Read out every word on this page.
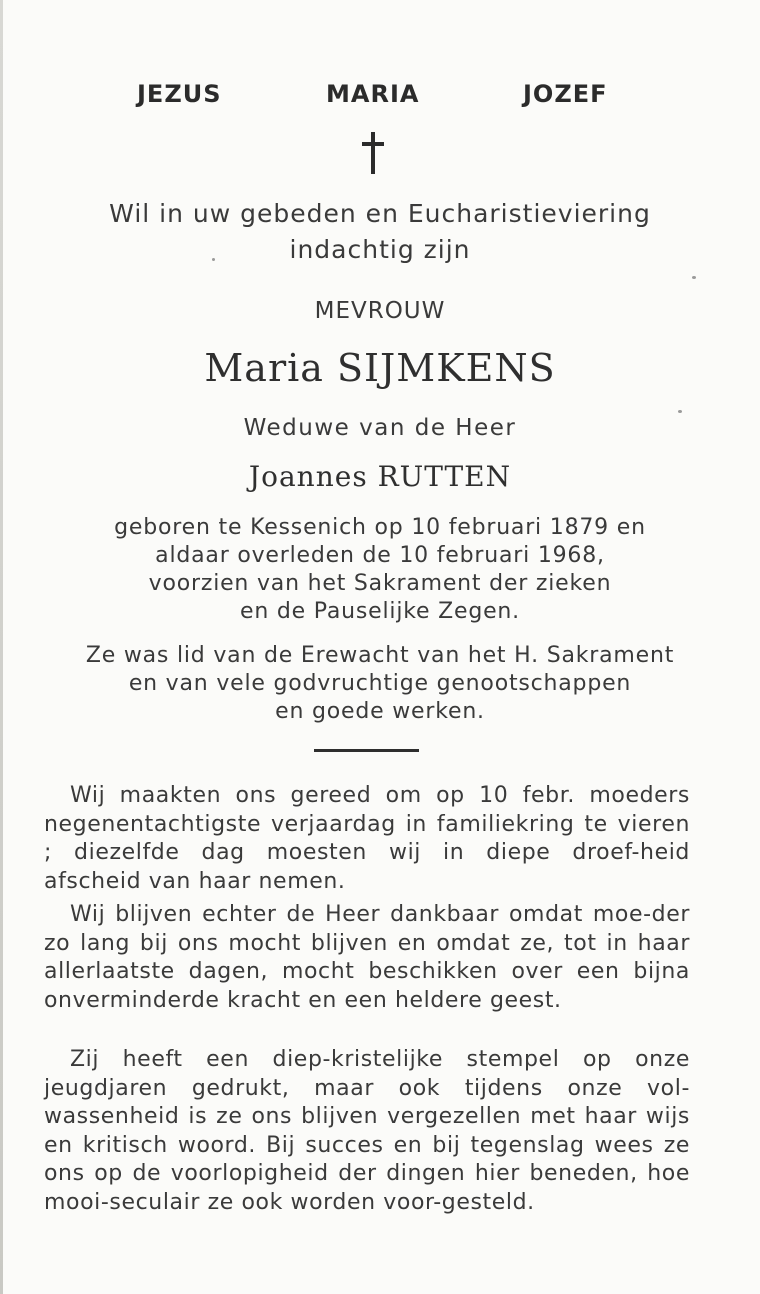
JEZUS	MARIA	JOZEF
Wil in uw gebeden en Eucharistieviering
indachtig zijn
MEVROUW
Maria SIJMKENS
Weduwe van de Heer
Joannes RUTTEN
geboren te Kessenich op 10 februari 1879 en
aldaar overleden de 10 februari 1968,
voorzien van het Sakrament der zieken
en de Pauselijke Zegen.
Ze was lid van de Erewacht van het H. Sakrament
en van vele godvruchtige genootschappen
en goede werken.
Wij maakten ons gereed om op 10 febr. moeders negenentachtigste verjaardag in familiekring te vieren ; diezelfde dag moesten wij in diepe droef-heid afscheid van haar nemen.
Wij blijven echter de Heer dankbaar omdat moe-der zo lang bij ons mocht blijven en omdat ze, tot in haar allerlaatste dagen, mocht beschikken over een bijna onverminderde kracht en een heldere geest.
Zij heeft een diep-kristelijke stempel op onze jeugdjaren gedrukt, maar ook tijdens onze vol-wassenheid is ze ons blijven vergezellen met haar wijs en kritisch woord. Bij succes en bij tegenslag wees ze ons op de voorlopigheid der dingen hier beneden, hoe mooi-seculair ze ook worden voor-gesteld.
